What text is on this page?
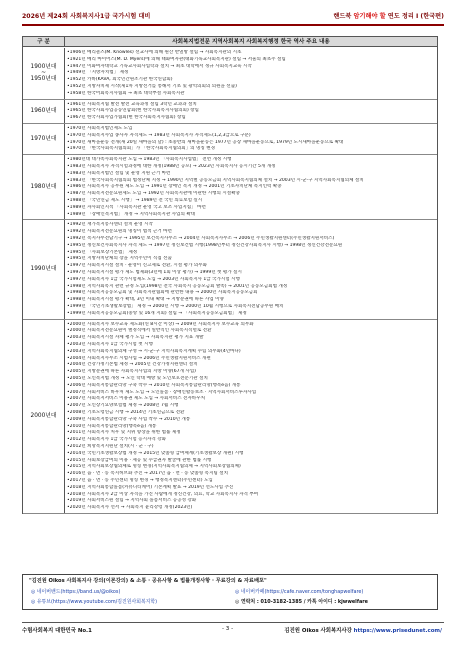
2026년 제24회 사회복지사1급 국가시험 대비	핸드북 암기해야 할 연도 정리 I (한국편)
구 분	사회복지법전문 지역사회복지 사회복지행정 한국 역사 주요 내용
1900년대
~
1950년대
•1906년 메리놀즈(M. Knowles) 선교사에 의해 원산 반열방 설립 → 사회복지관의 시초
•1921년 메리 마이어스(M. D. Myers)에 의해 태화여자관(태화기독교사회복지관) 설립 → 서울의 최초주 설립
•1947년 이화여자대학교 기독교사회사업학과 설치 → 최초 대학에서 정규 사회복지교육 시작
•1949년 「지방자치법」 제정
•1952년 카바(KAVA, 외국민간원조기관 한국연합회)
•1952년 지방자치제 시작(제1차 지방선거를 통해서 기초 및 광역의회의 의원을 선출)
•1958년 한국어회복지사협회 → 최초 대학부설 사회복지관
1960년대
•1961년 사회복지협 발전 발전 교육과정 설립 3학년 교과과 설치
•1965년 한국사회사업공동연합회(현 한국사회복지사협의회) 창립
•1967년 한국사회사업가협회(현 한국사회복지사협회) 창립
1970년대
•1970년 사회복지법인제도 도입
•1970년 사회복지사업 종사자 자격제도 → 1983년 사회복지사 자격제도(1,2,3급으로 구분)
•1970년 새마을운동 전개(새 20일 새마을의 날) : 초중반의 새마을운동은 1977년 공장 새마을운동으로, 1979년 도시새마을운동으로 확대
•1970년 「한국사회복지협의회」가 「한국사회복지협의회」의 명칭 변경
1980년대
•1980년대 대가족사회복지관 도입 → 1983년 「사회복지사업법」 전면 개정 시행
•1983년 사회복지사 자격시험과정에 대한 개정(1988년 공포) → 2023년 사회복지사 응시기간 5개 개정
•1983년 사회복지법인 설립 및 운영 지원 근거 마련
•1983년 「한국사회복지협의회 법정단체 지정 → 1990년 지역별 공동모금회 지역사회복지협의체 설치 → 2003년 시·군·구 지역사회복지협의체 설치
•1986년 사회복지사 공무원 제도 도입 → 1991년 장애인 복지 개정 → 2001년 기초자치단체 복지인력 확충
•1987년 사회복지전문요원제도 도입 → 1992년 사회복지관에 이관한 시행의 시설확충
•1988년 「국민연금 제도 시행」 → 1989년 전 국민 의료보험 실시
•1989년 자사회인지적 「사회복지관 운영 국고 보조 사업지침」 마련
•1989년 「장애인복지법」 개정 → 지역사회복지관 사업의 확대
1990년대
•1992년 재가복지봉사센터 설치 운영 시작
•1992년 사회복지전문요원의 명칭이 법적 근거 마련
•1992년 복지사무전담기구 → 1995년 보건복지사무소 → 2004년 사회복지사무소 → 2006년 주민생활지원센터(주민생활지원서비스)
•1995년 정신보건사회복지사 자격 제도 → 1997년 정신보건법 시행(1998년부터 정신건강사회복지사 시행) → 1998년 정신건강전문요원
•1995년 「사회보장기본법」 제정
•1995년 지방자치단체의 장을 지역주민이 직접 선출
•1997년 사회복지시설 설치 · 운영이 신고제로 전환, 시설 평가 의무화
•1997년 사회복지시설 평가 제도 법제화(3년에 1회 이상 평가) → 1999년 첫 평가 실시
•1997년 사회복지사 1급 국가시험제도 도입 → 2003년 사회복지사 1급 국가시험 시행
•1998년 지역사회복지 관련 규정 도입(1998년 전국 사회복지 공동모금회 발족) → 2001년 공동모금회법 개정
•1998년 사회복지공동모금회 및 사회복지관협회에 관련한 내용 → 2000년 사회복지공동모금회
•1998년 사회복지시설 평가 확대, 3년 이내 확대 → 지방분권에 따른 사업 이양
•1999년 「국민기초생활보장법」 제정 → 2000년 시행 → 2000년 10월 시행으로 사회복지전담공무원 배치
•1999년 사회복지공동모금회(중앙 및 16개 지회) 설립 → 「사회복지공동모금회법」 제정
2000년대
•2000년 사회복지사 보수교육 제도화(연 8시간 이상) → 2009년 사회복지사 보수교육 의무화
•2000년 사회복지전문요원이 별정직에서 일반직인 사회복지직렬로 전환
•2003년 사회복지시설 자체 평가 도입 → 사회복지관 평가 지표 개발
•2003년 사회복지사 1급 국가시험 첫 시행
•2003년 지역사회복지협의체 구성 → 시·군·구 지역사회복지계획 수립 의무화(4년마다)
•2004년 사회복지사무소 시범사업 → 2006년 주민생활지원서비스 개편
•2004년 건강가정기본법 제정 → 2005년 건강가정지원센터 설치
•2005년 지방분권에 따른 사회복지사업의 지방 이양(67개 사업)
•2005년 노인복지법 개정 → 노인 학대 예방 및 노인보호전문기관 설치
•2006년 사회복지통합관리망 구축 착수 → 2010년 사회복지통합관리망(행복e음) 개통
•2007년 사회서비스 바우처 제도 도입 → 노인돌봄 · 장애인활동보조 · 지역사회서비스투자사업
•2007년 사회복지서비스 이용권 제도 도입 → 사회서비스 전자바우처
•2007년 노인장기요양보험법 제정 → 2008년 7월 시행
•2008년 기초노령연금 시행 → 2014년 기초연금으로 전환
•2009년 사회복지통합관리망 구축 사업 착수 → 2010년 개통
•2010년 사회복지통합관리망(행복e음) 개통
•2011년 사회복지사 처우 및 지위 향상을 위한 법률 제정
•2012년 사회복지사 1급 국가시험 응시자격 강화
•2012년 희망복지지원단 설치(시 · 군 · 구)
•2014년 국민기초생활보장법 개정 → 2015년 맞춤형 급여체계(기초생활보장 개편) 시행
•2015년 사회보장급여의 이용 · 제공 및 수급권자 발굴에 관한 법률 시행
•2015년 지역사회보장협의체로 명칭 변경(지역사회복지협의체 → 지역사회보장협의체)
•2016년 읍 · 면 · 동 복지허브화 추진 → 2017년 읍 · 면 · 동 맞춤형 복지팀 설치
•2017년 읍 · 면 · 동 주민센터 명칭 변경 → 행정복지센터(주민센터) 도입
•2018년 지역사회통합돌봄(커뮤니티케어) 기본계획 발표 → 2019년 선도사업 추진
•2018년 사회복지사 2급 이상 자격을 가진 사람에게 정신건강, 의료, 학교 사회복지사 자격 부여
•2019년 사회서비스원 설립 → 지역사회 돌봄서비스 공공성 강화
•2020년 사회복지사 선서 → 사회복지 윤리강령 개정(2023년)
"김진원 Oikos 사회복지사 강의(이론강의) & 소통 · 공유사항 & 법률개정사항 · 무료강의 & 자료배포"
◎ 네이버밴드(https://band.us/@oikos)
◎ 유튜브(https://www.youtube.com/김진원사회복지학)
◎ 네이버카페(https://cafe.naver.com/tonghapwelfare)
◎ 연락처 : 010-3182-1385 / 카톡 아이디 : kjwwelfare
수험사회복지 대한민국 No.1	- 3 -	김진원 Oikos 사회복지사강 https://www.prisedunet.com/
